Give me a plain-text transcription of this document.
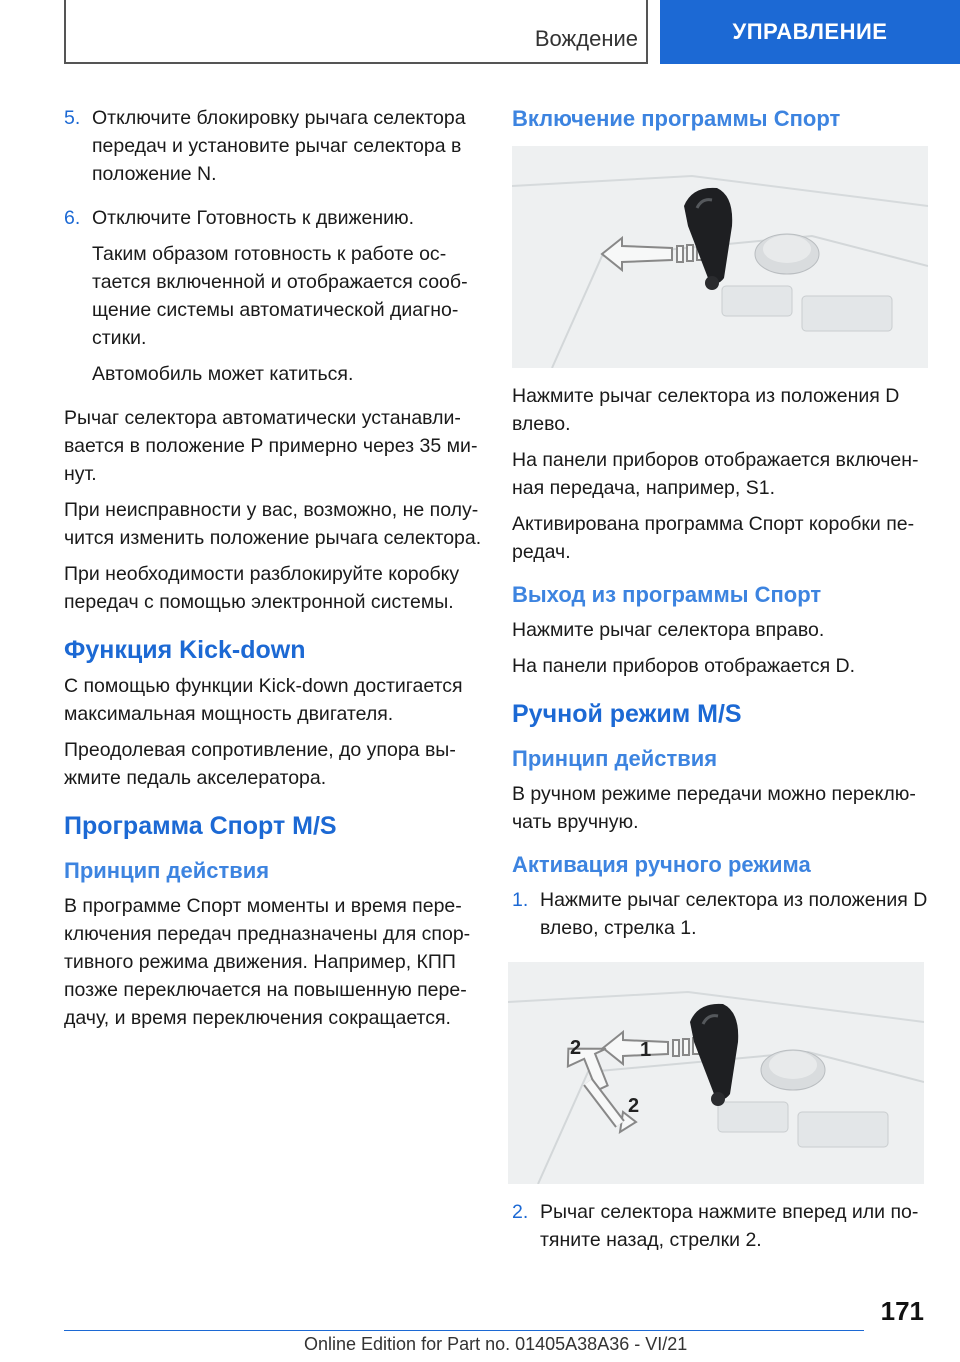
Вождение	УПРАВЛЕНИЕ
5. Отключите блокировку рычага селектора передач и установите рычаг селектора в положение N.

6. Отключите Готовность к движению.

Таким образом готовность к работе остается включенной и отображается сообщение системы автоматической диагностики.

Автомобиль может катиться.

Рычаг селектора автоматически устанавливается в положение P примерно через 35 минут.

При неисправности у вас, возможно, не получится изменить положение рычага селектора.

При необходимости разблокируйте коробку передач с помощью электронной системы.

Функция Kick-down

С помощью функции Kick-down достигается максимальная мощность двигателя.

Преодолевая сопротивление, до упора выжмите педаль акселератора.

Программа Спорт M/S
Принцип действия

В программе Спорт моменты и время переключения передач предназначены для спортивного режима движения. Например, КПП позже переключается на повышенную передачу, и время переключения сокращается.

Включение программы Спорт

Нажмите рычаг селектора из положения D влево.

На панели приборов отображается включенная передача, например, S1.

Активирована программа Спорт коробки передач.

Выход из программы Спорт

Нажмите рычаг селектора вправо.

На панели приборов отображается D.

Ручной режим M/S
Принцип действия

В ручном режиме передачи можно переключать вручную.

Активация ручного режима
1. Нажмите рычаг селектора из положения D влево, стрелка 1.

1
2
2
2. Рычаг селектора нажмите вперед или потяните назад, стрелки 2.

171
Online Edition for Part no. 01405A38A36 - VI/21
